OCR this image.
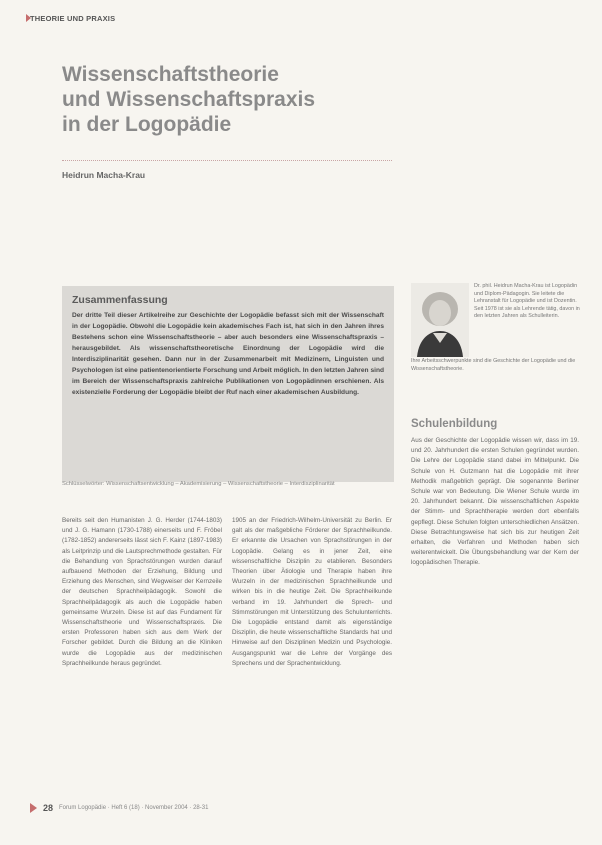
THEORIE UND PRAXIS
Wissenschaftstheorie
und Wissenschaftspraxis
in der Logopädie
Heidrun Macha-Krau
Zusammenfassung
Der dritte Teil dieser Artikelreihe zur Geschichte der Logopädie befasst sich mit der Wissenschaft in der Logopädie. Obwohl die Logopädie kein akademisches Fach ist, hat sich in den Jahren ihres Bestehens schon eine Wissenschaftstheorie – aber auch besonders eine Wissenschaftspraxis – herausgebildet. Als wissenschaftstheoretische Einordnung der Logopädie wird die Interdisziplinarität gesehen. Dann nur in der Zusammenarbeit mit Medizinern, Linguisten und Psychologen ist eine patientenorientierte Forschung und Arbeit möglich. In den letzten Jahren sind im Bereich der Wissenschaftspraxis zahlreiche Publikationen von Logopädinnen erschienen. Als existenzielle Forderung der Logopädie bleibt der Ruf nach einer akademischen Ausbildung.
Schlüsselwörter: Wissenschaftsentwicklung – Akademisierung – Wissenschaftstheorie – Interdisziplinarität

Bereits seit den Humanisten J. G. Herder (1744-1803) und J. G. Hamann (1730-1788) einerseits und F. Fröbel (1782-1852) andererseits lässt sich F. Kainz (1897-1983) als Leitprinzip und die Lautsprechmethode gestalten. Für die Behandlung von Sprachstörungen wurden darauf aufbauend Methoden der Erziehung, Bildung und Erziehung des Menschen, sind Wegweiser der Kernzeile der deutschen Sprachheilpädagogik. Sowohl die Sprachheilpädagogik als auch die Logopädie haben gemeinsame Wurzeln. Diese ist auf das Fundament für Wissenschaftstheorie und Wissenschaftspraxis. Die ersten Professoren haben sich aus dem Werk der Forscher gebildet. Durch die Bildung an die Kliniken wurde die Logopädie aus der medizinischen Sprachheilkunde heraus gegründet.

1905 an der Friedrich-Wilhelm-Universität zu Berlin. Er galt als der maßgebliche Förderer der Sprachheilkunde. Er erkannte die Ursachen von Sprachstörungen in der Logopädie. Gelang es in jener Zeit, eine wissenschaftliche Disziplin zu etablieren. Besonders Theorien über Ätiologie und Therapie haben ihre Wurzeln in der medizinischen Sprachheilkunde und wirken bis in die heutige Zeit. Die Sprachheilkunde verband im 19. Jahrhundert die Sprech- und Stimmstörungen mit Unterstützung des Schulunterrichts. Die Logopädie entstand damit als eigenständige Disziplin, die heute wissenschaftliche Standards hat und Hinweise auf den Disziplinen Medizin und Psychologie. Ausgangspunkt war die Lehre der Vorgänge des Sprechens und der Sprachentwicklung.

Dr. phil. Heidrun Macha-Krau ist Logopädin und Diplom-Pädagogin. Sie leitete die Lehranstalt für Logopädie und ist Dozentin. Seit 1978 ist sie als Lehrende tätig, davon in den letzten Jahren als Schulleiterin.
Ihre Arbeitsschwerpunkte sind die Geschichte der Logopädie und die Wissenschaftstheorie.
Schulenbildung

Aus der Geschichte der Logopädie wissen wir, dass im 19. und 20. Jahrhundert die ersten Schulen gegründet wurden. Die Lehre der Logopädie stand dabei im Mittelpunkt. Die Schule von H. Gutzmann hat die Logopädie mit ihrer Methodik maßgeblich geprägt. Die sogenannte Berliner Schule war von Bedeutung. Die Wiener Schule wurde im 20. Jahrhundert bekannt. Die wissenschaftlichen Aspekte der Stimm- und Sprachtherapie werden dort ebenfalls gepflegt. Diese Schulen folgten unterschiedlichen Ansätzen. Diese Betrachtungsweise hat sich bis zur heutigen Zeit erhalten, die Verfahren und Methoden haben sich weiterentwickelt. Die Übungsbehandlung war der Kern der logopädischen Therapie.

28 Forum Logopädie · Heft 6 (18) · November 2004 · 28-31
